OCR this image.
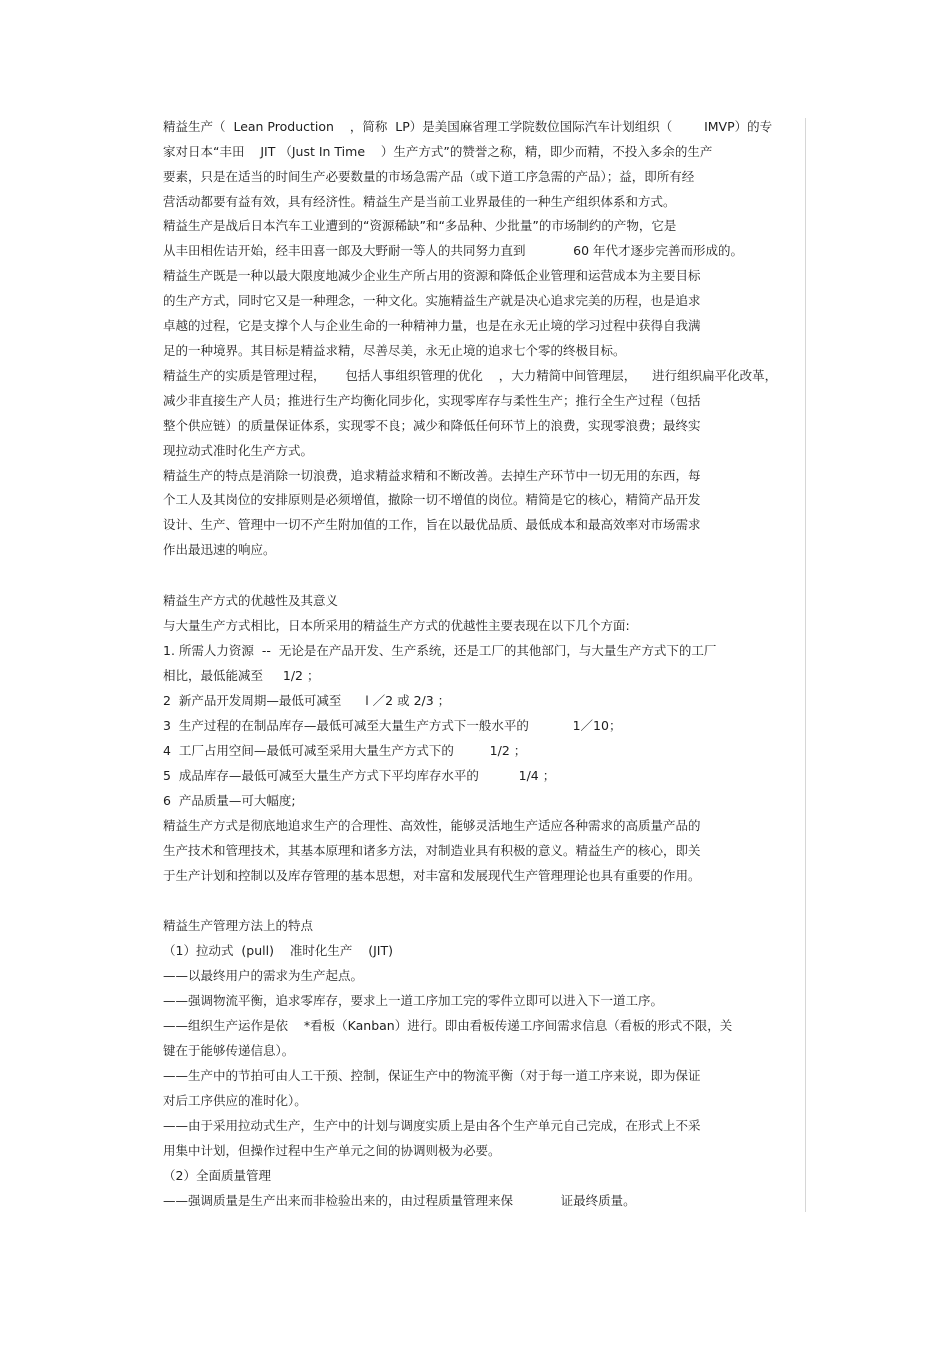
精益生产（  Lean Production    ，简称  LP）是美国麻省理工学院数位国际汽车计划组织（        IMVP）的专
家对日本“丰田    JIT （Just In Time    ）生产方式”的赞誉之称，精，即少而精，不投入多余的生产
要素，只是在适当的时间生产必要数量的市场急需产品（或下道工序急需的产品）；益，即所有经
营活动都要有益有效，具有经济性。精益生产是当前工业界最佳的一种生产组织体系和方式。
精益生产是战后日本汽车工业遭到的“资源稀缺”和“多品种、少批量”的市场制约的产物，它是
从丰田相佐诘开始，经丰田喜一郎及大野耐一等人的共同努力直到            60 年代才逐步完善而形成的。
精益生产既是一种以最大限度地减少企业生产所占用的资源和降低企业管理和运营成本为主要目标
的生产方式，同时它又是一种理念，一种文化。实施精益生产就是决心追求完美的历程，也是追求
卓越的过程，它是支撑个人与企业生命的一种精神力量，也是在永无止境的学习过程中获得自我满
足的一种境界。其目标是精益求精，尽善尽美，永无止境的追求七个零的终极目标。
精益生产的实质是管理过程，     包括人事组织管理的优化    ，大力精简中间管理层，    进行组织扁平化改革，
减少非直接生产人员；推进行生产均衡化同步化，实现零库存与柔性生产；推行全生产过程（包括
整个供应链）的质量保证体系，实现零不良；减少和降低任何环节上的浪费，实现零浪费；最终实
现拉动式准时化生产方式。
精益生产的特点是消除一切浪费，追求精益求精和不断改善。去掉生产环节中一切无用的东西，每
个工人及其岗位的安排原则是必须增值，撤除一切不增值的岗位。精简是它的核心，精简产品开发
设计、生产、管理中一切不产生附加值的工作，旨在以最优品质、最低成本和最高效率对市场需求
作出最迅速的响应。
精益生产方式的优越性及其意义
与大量生产方式相比，日本所采用的精益生产方式的优越性主要表现在以下几个方面:
1. 所需人力资源  --  无论是在产品开发、生产系统，还是工厂的其他部门，与大量生产方式下的工厂
相比，最低能减至     1/2 ；
2  新产品开发周期—最低可减至      l ／2 或 2/3 ；
3  生产过程的在制品库存—最低可减至大量生产方式下一般水平的           1／10；
4  工厂占用空间—最低可减至采用大量生产方式下的         1/2 ；
5  成品库存—最低可减至大量生产方式下平均库存水平的          1/4 ；
6  产品质量—可大幅度;
精益生产方式是彻底地追求生产的合理性、高效性，能够灵活地生产适应各种需求的高质量产品的
生产技术和管理技术，其基本原理和诸多方法，对制造业具有积极的意义。精益生产的核心，即关
于生产计划和控制以及库存管理的基本思想，对丰富和发展现代生产管理理论也具有重要的作用。
精益生产管理方法上的特点
（1）拉动式  (pull)    准时化生产    (JIT)
——以最终用户的需求为生产起点。
——强调物流平衡，追求零库存，要求上一道工序加工完的零件立即可以进入下一道工序。
——组织生产运作是依    *看板（Kanban）进行。即由看板传递工序间需求信息（看板的形式不限，关
键在于能够传递信息）。
——生产中的节拍可由人工干预、控制，保证生产中的物流平衡（对于每一道工序来说，即为保证
对后工序供应的准时化）。
——由于采用拉动式生产，生产中的计划与调度实质上是由各个生产单元自己完成，在形式上不采
用集中计划，但操作过程中生产单元之间的协调则极为必要。
（2）全面质量管理
——强调质量是生产出来而非检验出来的，由过程质量管理来保            证最终质量。
